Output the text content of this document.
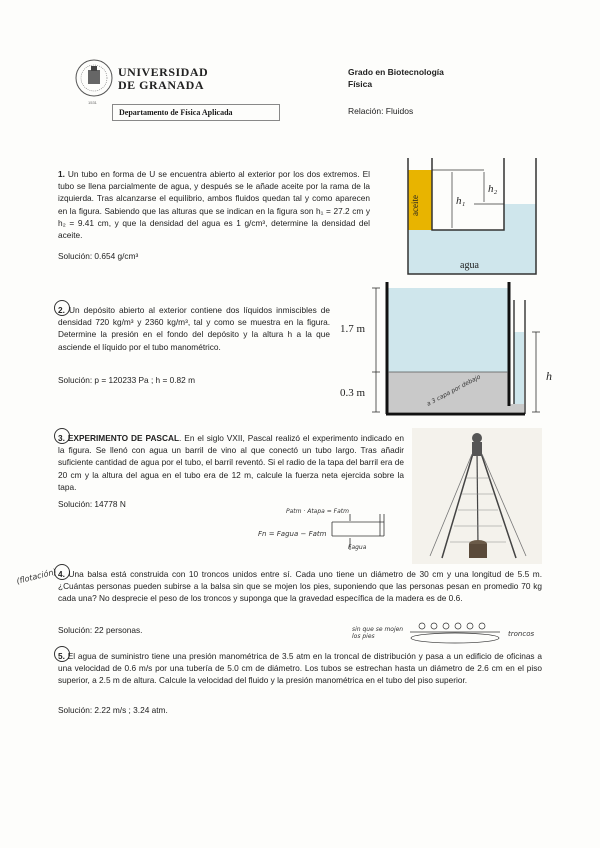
UNIVERSIDAD
DE GRANADA
1531
Departamento de Física Aplicada
Grado en Biotecnología
Física
Relación: Fluidos
1. Un tubo en forma de U se encuentra abierto al exterior por los dos extremos. El tubo se llena parcialmente de agua, y después se le añade aceite por la rama de la izquierda. Tras alcanzarse el equilibrio, ambos fluidos quedan tal y como aparecen en la figura. Sabiendo que las alturas que se indican en la figura son h₁ = 27.2 cm y h₂ = 9.41 cm, y que la densidad del agua es 1 g/cm³, determine la densidad del aceite.
Solución: 0.654 g/cm³
aceite	h₁
h₂
agua
2. Un depósito abierto al exterior contiene dos líquidos inmiscibles de densidad 720 kg/m³ y 2360 kg/m³, tal y como se muestra en la figura. Determine la presión en el fondo del depósito y la altura h a la que asciende el líquido por el tubo manométrico.
Solución: p = 120233 Pa ; h = 0.82 m
1.7 m
0.3 m
h
a 3 capa por debajo
3. EXPERIMENTO DE PASCAL. En el siglo VXII, Pascal realizó el experimento indicado en la figura. Se llenó con agua un barril de vino al que conectó un tubo largo. Tras añadir suficiente cantidad de agua por el tubo, el barril reventó. Si el radio de la tapa del barril era de 20 cm y la altura del agua en el tubo era de 12 m, calcule la fuerza neta ejercida sobre la tapa.
Solución: 14778 N
Patm · Atapa = Fatm
Fagua
Fn = Fagua − Fatm
(flotación) 4. Una balsa está construida con 10 troncos unidos entre sí. Cada uno tiene un diámetro de 30 cm y una longitud de 5.5 m. ¿Cuántas personas pueden subirse a la balsa sin que se mojen los pies, suponiendo que las personas pesan en promedio 70 kg cada una? No desprecie el peso de los troncos y suponga que la gravedad específica de la madera es de 0.6.
Solución: 22 personas.	sin que se mojen los pies	troncos
5. El agua de suministro tiene una presión manométrica de 3.5 atm en la troncal de distribución y pasa a un edificio de oficinas a una velocidad de 0.6 m/s por una tubería de 5.0 cm de diámetro. Los tubos se estrechan hasta un diámetro de 2.6 cm en el piso superior, a 2.5 m de altura. Calcule la velocidad del fluido y la presión manométrica en el tubo del piso superior.
Solución: 2.22 m/s ; 3.24 atm.
